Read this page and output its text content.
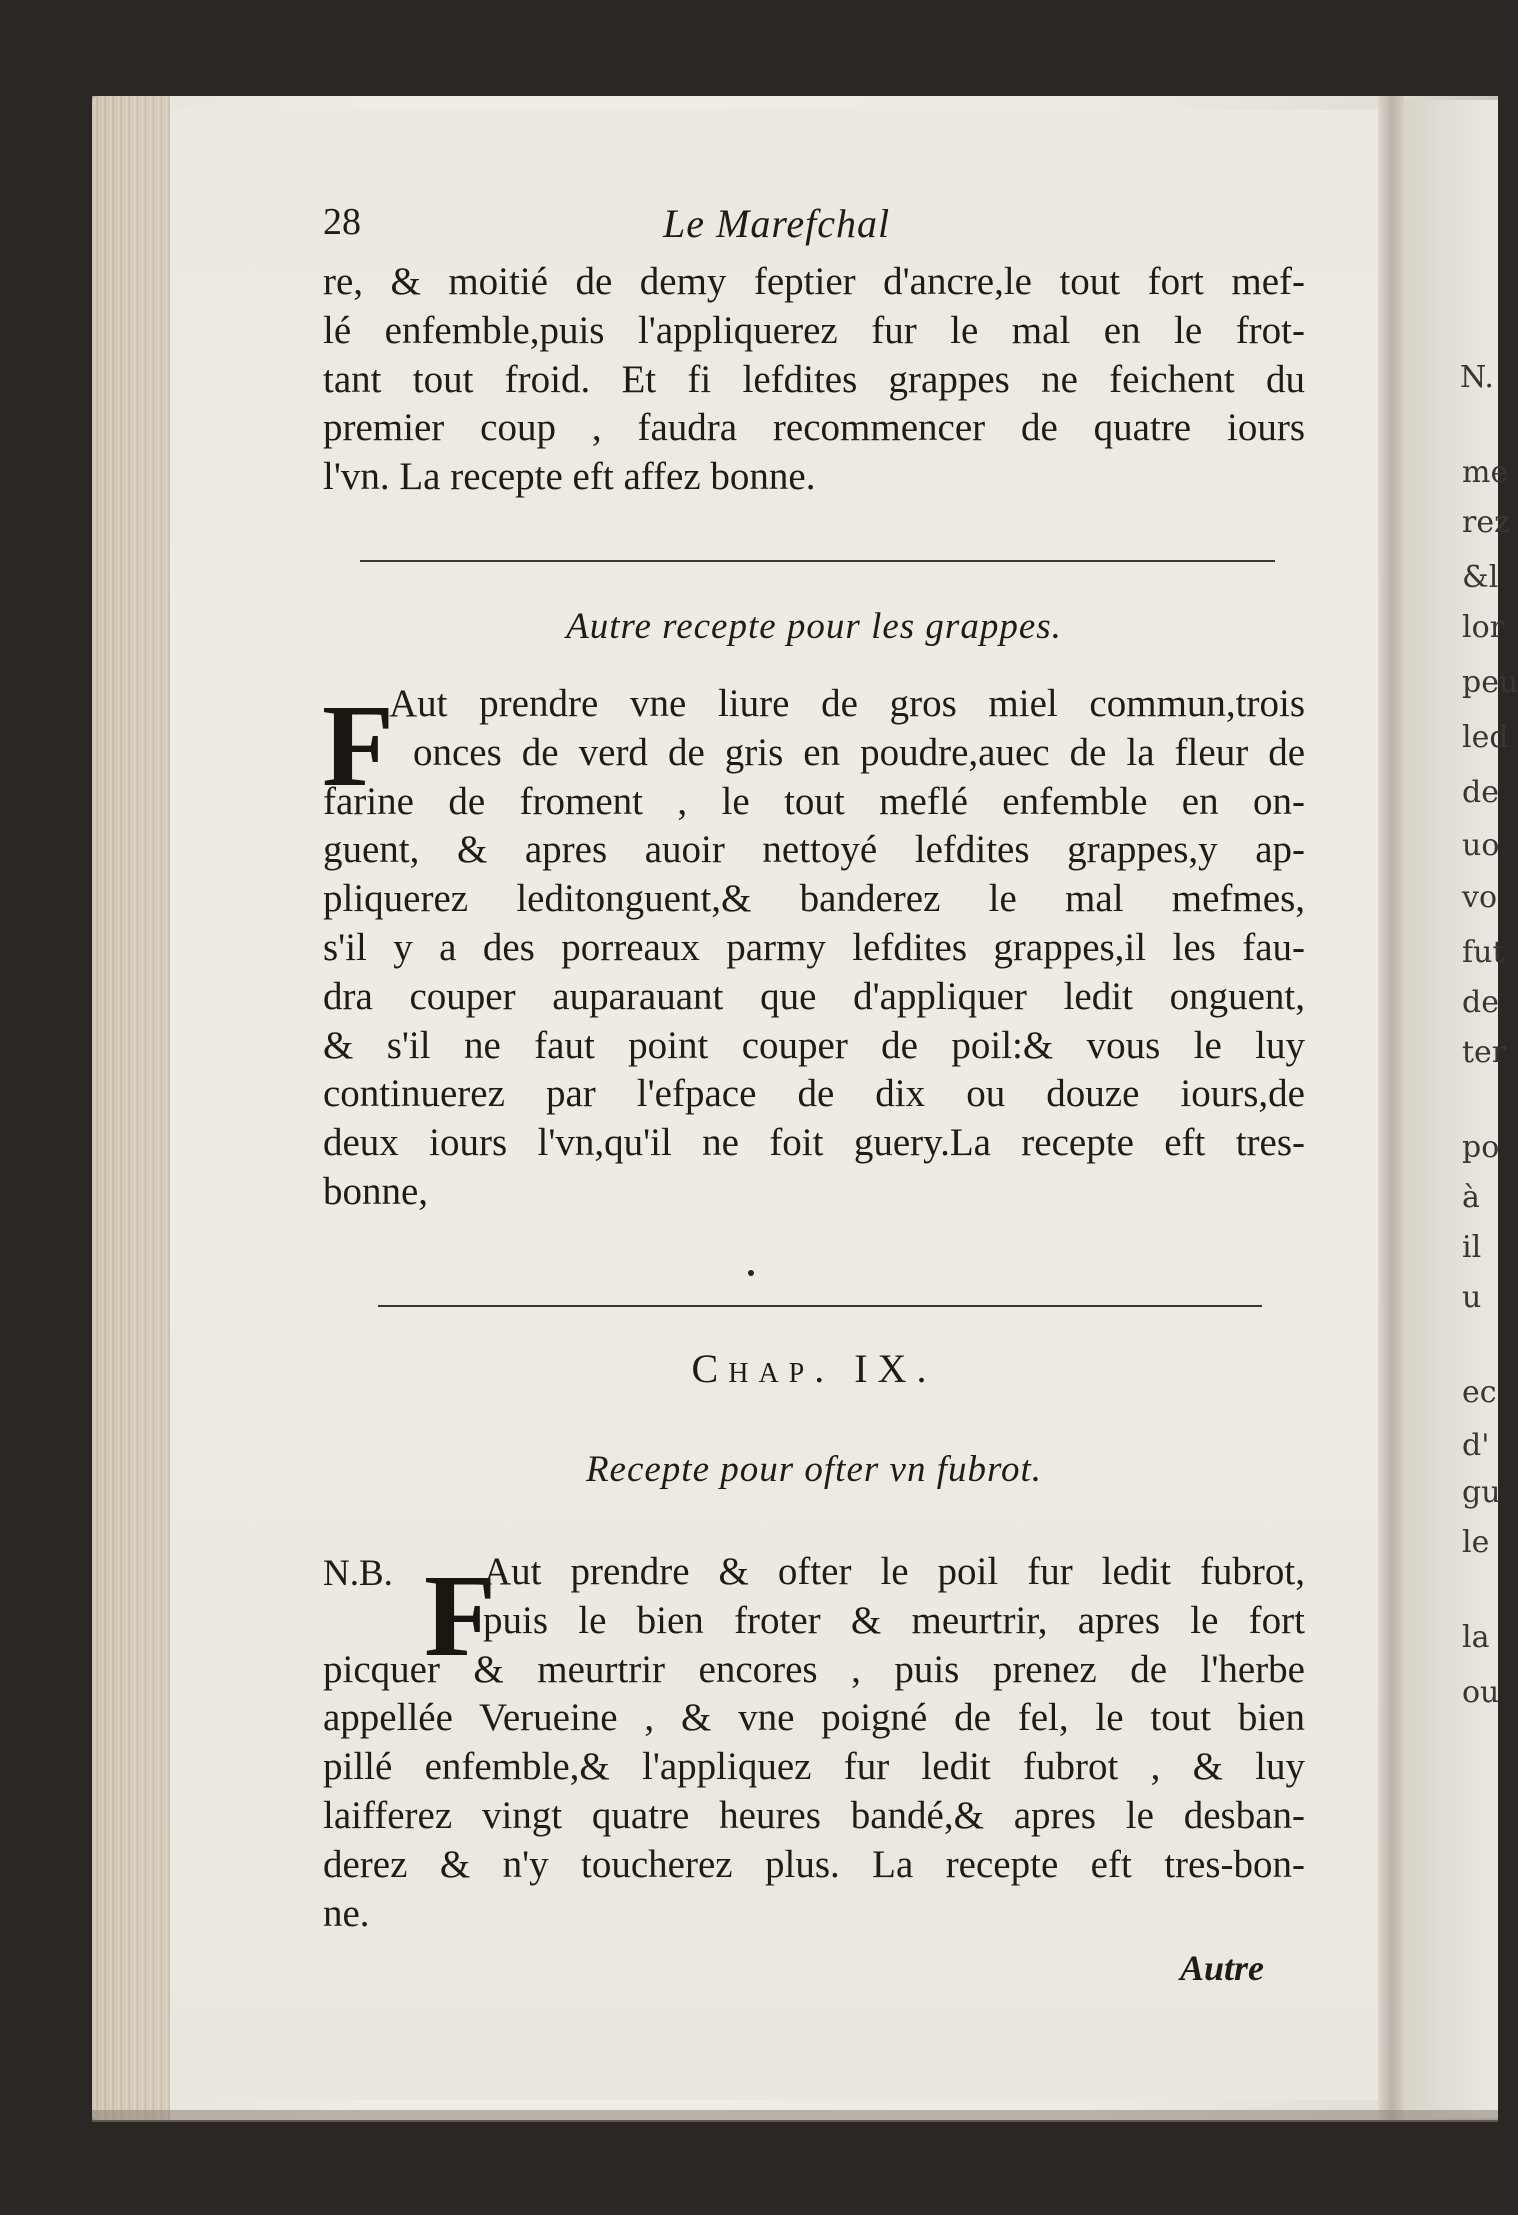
N.
me
rez
&l
lor
peu
led
de
uo
vo
fut
de
ter
po
à
il
u
ec
d'
gu
le
la
ou
28	Le Marefchal
re, & moitié de demy feptier d'ancre,le tout fort mef-
lé enfemble,puis l'appliquerez fur le mal en le frot-
tant tout froid. Et fi lefdites grappes ne feichent du
premier coup , faudra recommencer de quatre iours
l'vn. La recepte eft affez bonne.
Autre recepte pour les grappes.
F
Aut prendre vne liure de gros miel commun,trois
onces de verd de gris en poudre,auec de la fleur de
farine de froment , le tout meflé enfemble en on-
guent, & apres auoir nettoyé lefdites grappes,y ap-
pliquerez leditonguent,& banderez le mal mefmes,
s'il y a des porreaux parmy lefdites grappes,il les fau-
dra couper auparauant que d'appliquer ledit onguent,
& s'il ne faut point couper de poil:& vous le luy
continuerez par l'efpace de dix ou douze iours,de
deux iours l'vn,qu'il ne foit guery.La recepte eft tres-
bonne,
Chap. IX.
Recepte pour ofter vn fubrot.
N.B. F
Aut prendre & ofter le poil fur ledit fubrot,
puis le bien froter & meurtrir, apres le fort
picquer & meurtrir encores , puis prenez de l'herbe
appellée Verueine , & vne poigné de fel, le tout bien
pillé enfemble,& l'appliquez fur ledit fubrot , & luy
laifferez vingt quatre heures bandé,& apres le desban-
derez & n'y toucherez plus. La recepte eft tres-bon-
ne.
Autre
